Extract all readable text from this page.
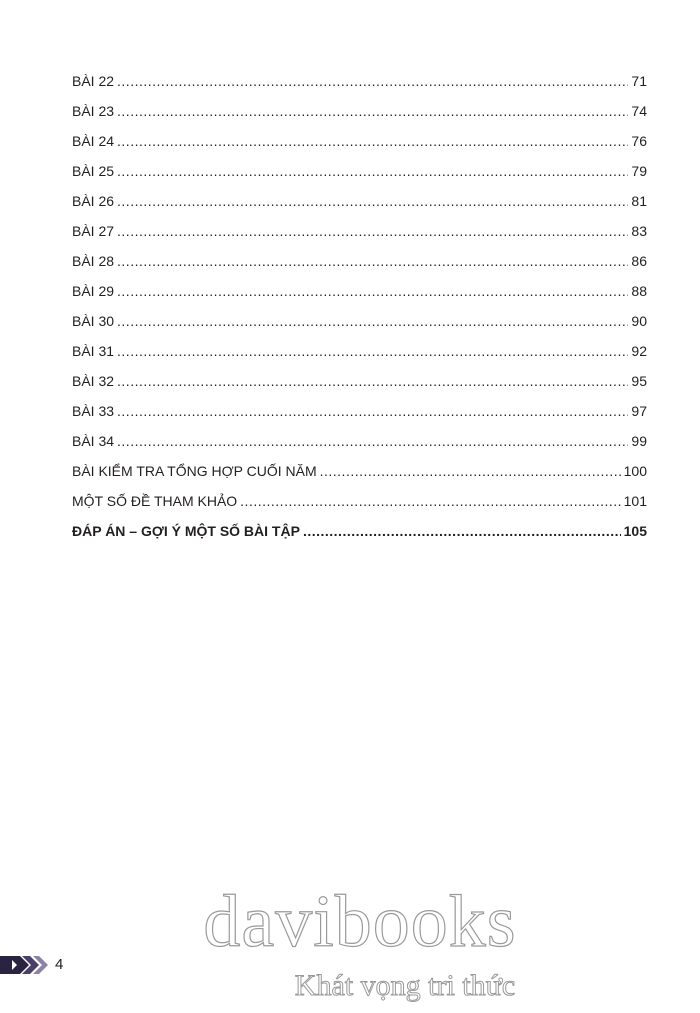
BÀI 22 .....	71
BÀI 23 .....	74
BÀI 24 .....	76
BÀI 25 .....	79
BÀI 26 .....	81
BÀI 27 .....	83
BÀI 28 .....	86
BÀI 29 .....	88
BÀI 30 .....	90
BÀI 31 .....	92
BÀI 32 .....	95
BÀI 33 .....	97
BÀI 34 .....	99
BÀI KIỂM TRA TỔNG HỢP CUỐI NĂM .....	100
MỘT SỐ ĐỀ THAM KHẢO .....	101
ĐÁP ÁN – GỢI Ý MỘT SỐ BÀI TẬP .....	105
4
davibooks
Khát vọng tri thức
